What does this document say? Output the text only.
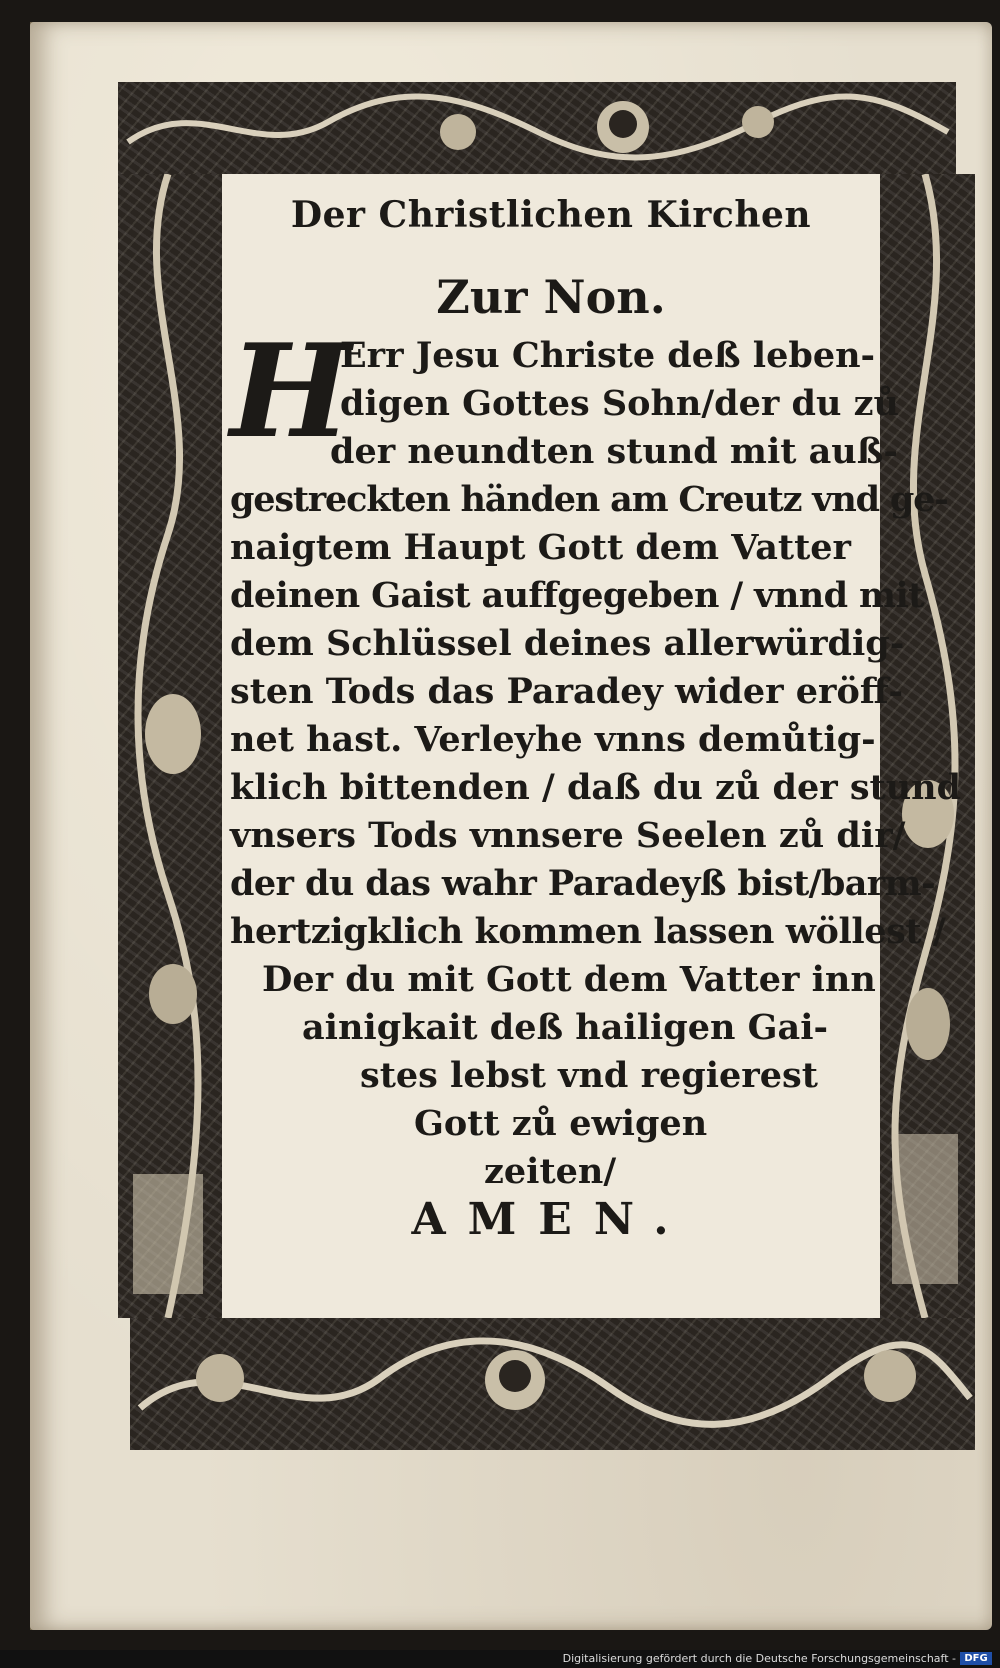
Der Christlichen Kirchen
Zur Non.
H
Err Jesu Christe deß leben-
digen Gottes Sohn/der du zů
der neundten stund mit auß-
gestreckten händen am Creutz vnd ge-
naigtem Haupt Gott dem Vatter
deinen Gaist auffgegeben / vnnd mit
dem Schlüssel deines allerwürdig-
sten Tods das Paradey wider eröff-
net hast. Verleyhe vnns demůtig-
klich bittenden / daß du zů der stund
vnsers Tods vnnsere Seelen zů dir/
der du das wahr Paradeyß bist/barm-
hertzigklich kommen lassen wöllest /
Der du mit Gott dem Vatter inn
ainigkait deß hailigen Gai-
stes lebst vnd regierest
Gott zů ewigen
zeiten/
AMEN.
Digitalisierung gefördert durch die Deutsche Forschungsgemeinschaft - DFG
